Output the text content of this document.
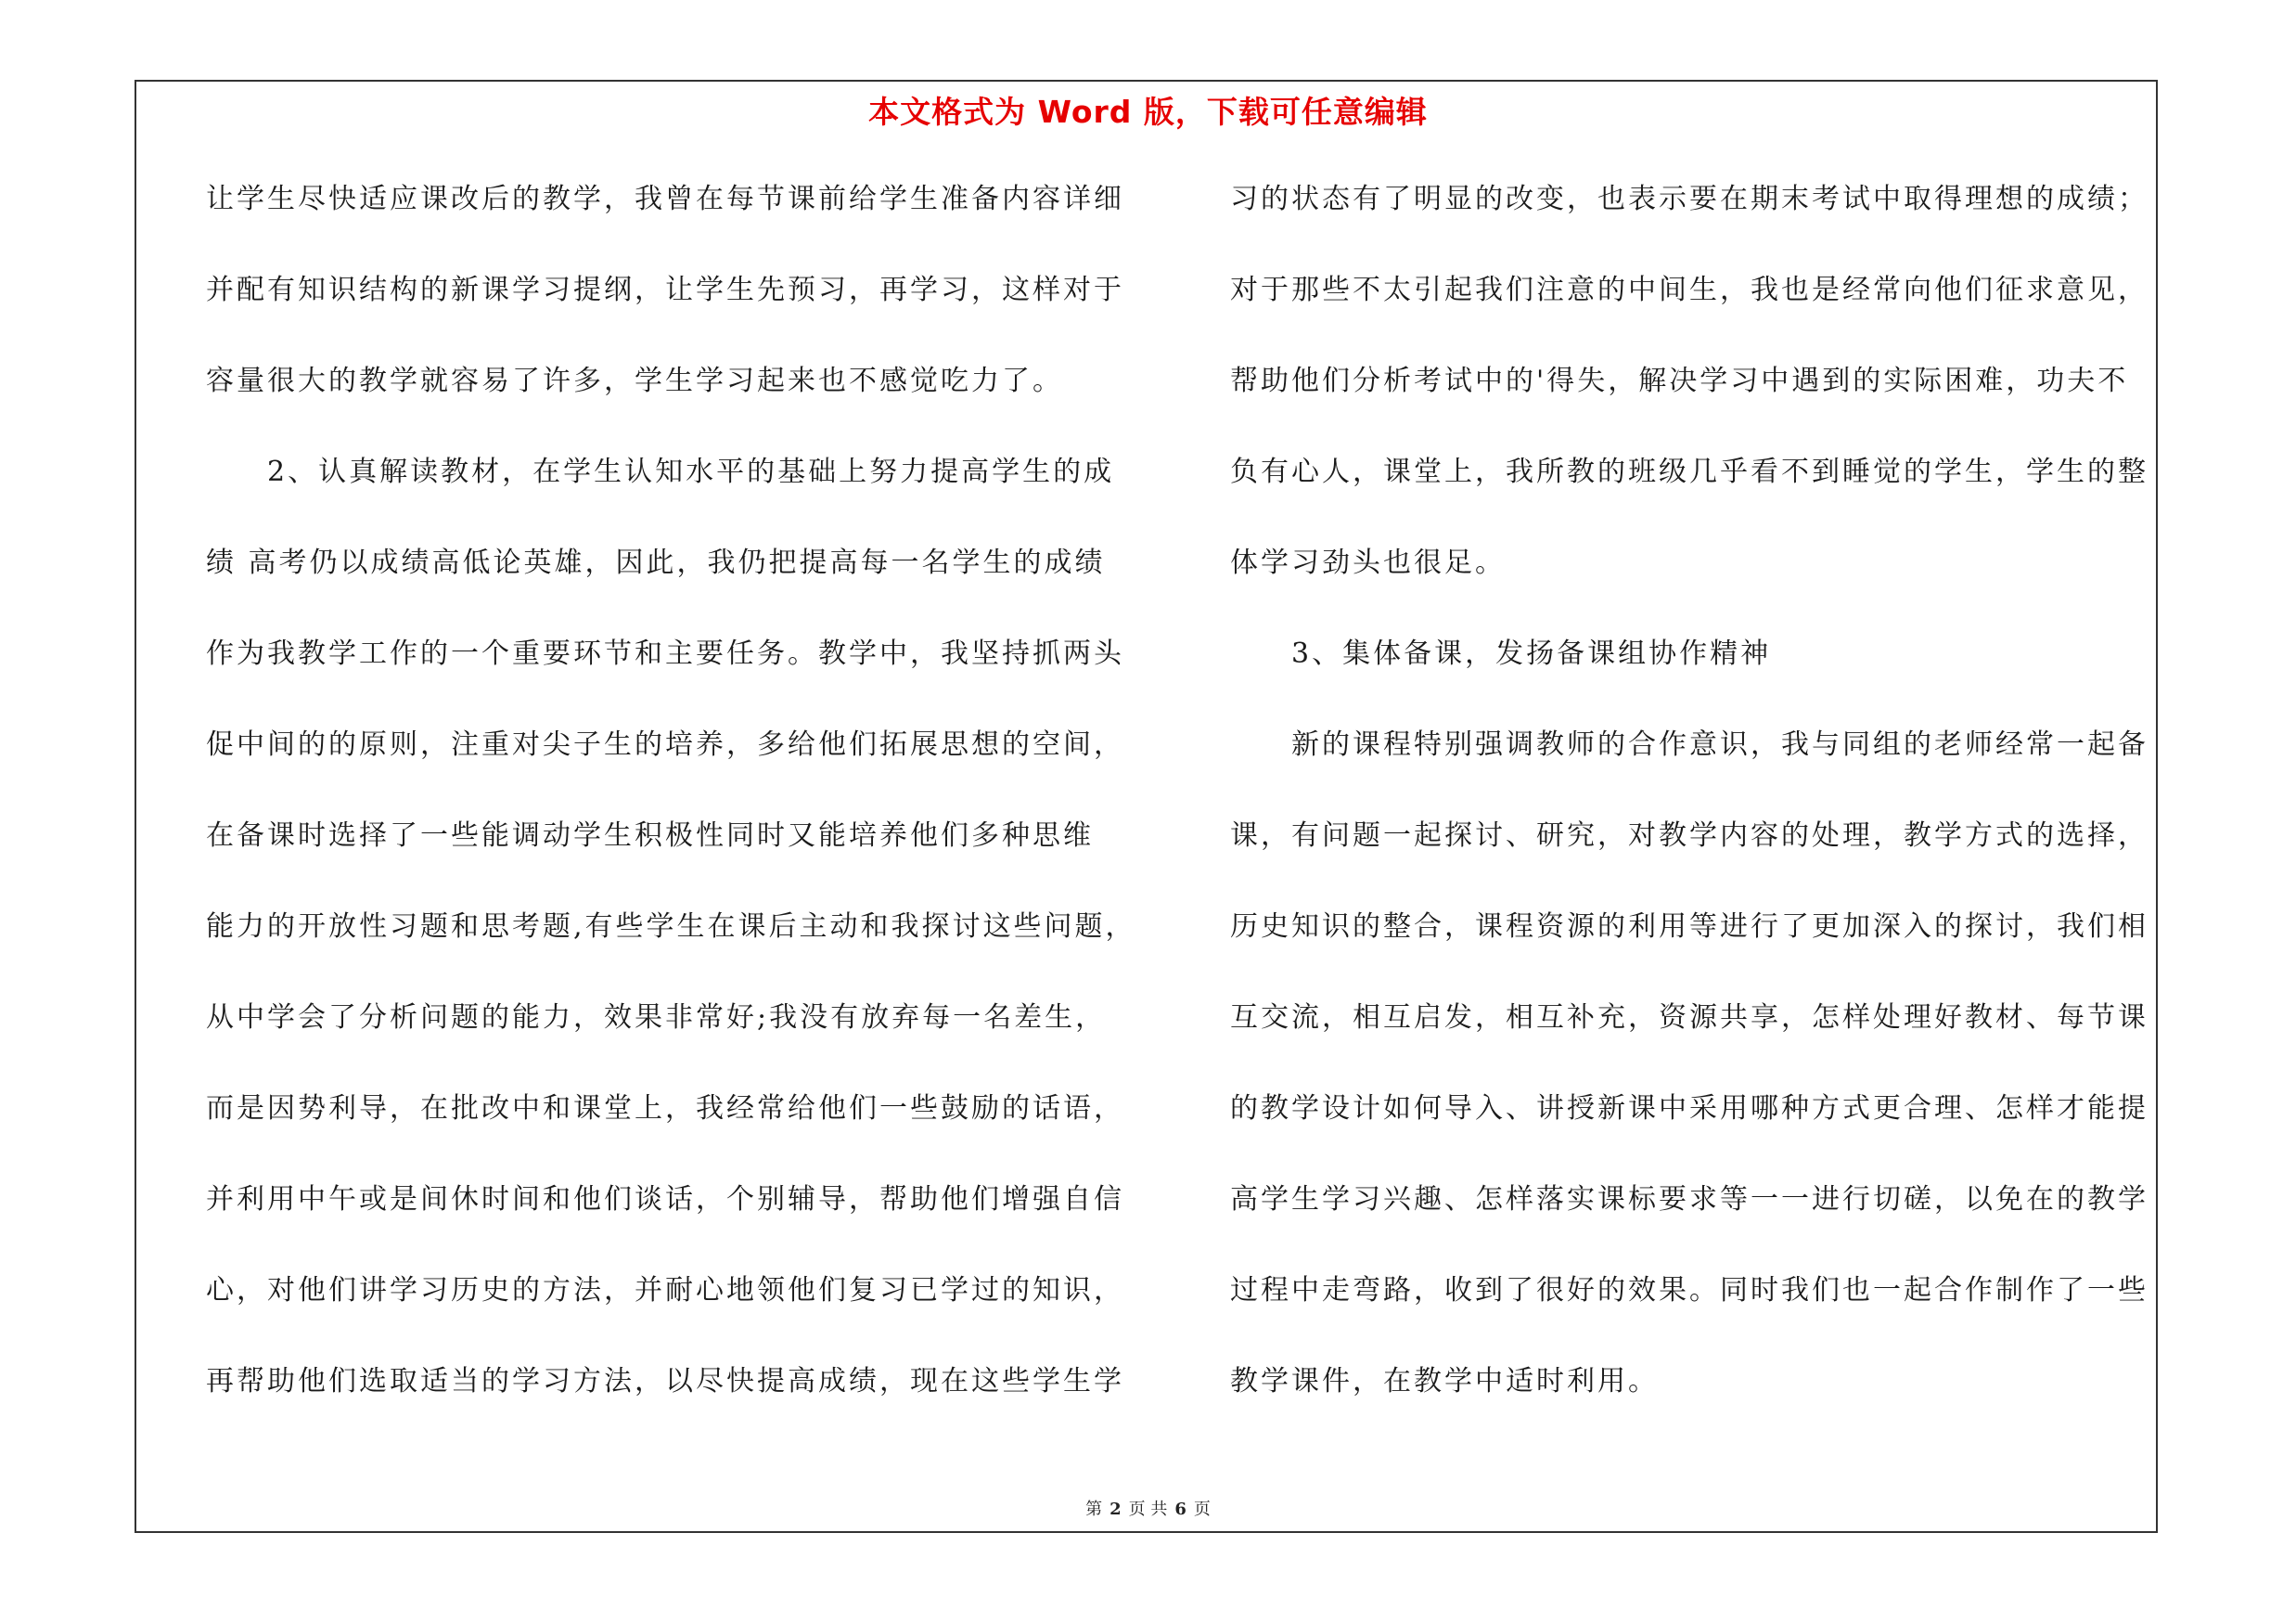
本文格式为 Word 版，下载可任意编辑
让学生尽快适应课改后的教学，我曾在每节课前给学生准备内容详细
并配有知识结构的新课学习提纲，让学生先预习，再学习，这样对于
容量很大的教学就容易了许多，学生学习起来也不感觉吃力了。
　　2、认真解读教材，在学生认知水平的基础上努力提高学生的成
绩 高考仍以成绩高低论英雄，因此，我仍把提高每一名学生的成绩
作为我教学工作的一个重要环节和主要任务。教学中，我坚持抓两头
促中间的的原则，注重对尖子生的培养，多给他们拓展思想的空间，
在备课时选择了一些能调动学生积极性同时又能培养他们多种思维
能力的开放性习题和思考题,有些学生在课后主动和我探讨这些问题，
从中学会了分析问题的能力，效果非常好;我没有放弃每一名差生，
而是因势利导，在批改中和课堂上，我经常给他们一些鼓励的话语，
并利用中午或是间休时间和他们谈话，个别辅导，帮助他们增强自信
心，对他们讲学习历史的方法，并耐心地领他们复习已学过的知识，
再帮助他们选取适当的学习方法，以尽快提高成绩，现在这些学生学
习的状态有了明显的改变，也表示要在期末考试中取得理想的成绩；
对于那些不太引起我们注意的中间生，我也是经常向他们征求意见，
帮助他们分析考试中的'得失，解决学习中遇到的实际困难，功夫不
负有心人，课堂上，我所教的班级几乎看不到睡觉的学生，学生的整
体学习劲头也很足。
　　3、集体备课，发扬备课组协作精神
　　新的课程特别强调教师的合作意识，我与同组的老师经常一起备
课，有问题一起探讨、研究，对教学内容的处理，教学方式的选择，
历史知识的整合，课程资源的利用等进行了更加深入的探讨，我们相
互交流，相互启发，相互补充，资源共享，怎样处理好教材、每节课
的教学设计如何导入、讲授新课中采用哪种方式更合理、怎样才能提
高学生学习兴趣、怎样落实课标要求等一一进行切磋，以免在的教学
过程中走弯路，收到了很好的效果。同时我们也一起合作制作了一些
教学课件，在教学中适时利用。
第 2 页 共 6 页
